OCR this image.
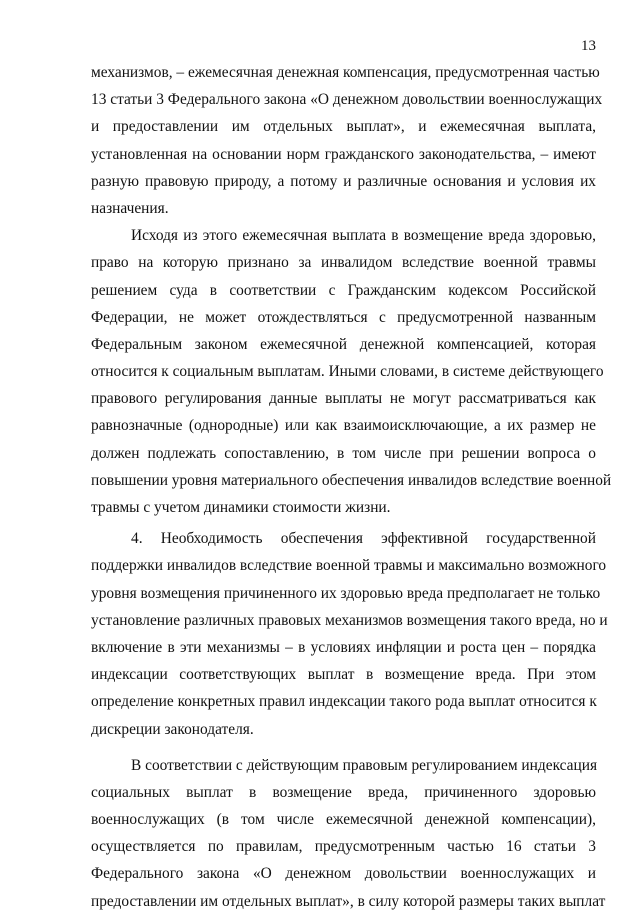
13
механизмов, – ежемесячная денежная компенсация, предусмотренная частью
13 статьи 3 Федерального закона «О денежном довольствии военнослужащих
и предоставлении им отдельных выплат», и ежемесячная выплата,
установленная на основании норм гражданского законодательства, – имеют
разную правовую природу, а потому и различные основания и условия их
назначения.
Исходя из этого ежемесячная выплата в возмещение вреда здоровью,
право на которую признано за инвалидом вследствие военной травмы
решением суда в соответствии с Гражданским кодексом Российской
Федерации, не может отождествляться с предусмотренной названным
Федеральным законом ежемесячной денежной компенсацией, которая
относится к социальным выплатам. Иными словами, в системе действующего
правового регулирования данные выплаты не могут рассматриваться как
равнозначные (однородные) или как взаимоисключающие, а их размер не
должен подлежать сопоставлению, в том числе при решении вопроса о
повышении уровня материального обеспечения инвалидов вследствие военной
травмы с учетом динамики стоимости жизни.
4. Необходимость обеспечения эффективной государственной
поддержки инвалидов вследствие военной травмы и максимально возможного
уровня возмещения причиненного их здоровью вреда предполагает не только
установление различных правовых механизмов возмещения такого вреда, но и
включение в эти механизмы – в условиях инфляции и роста цен – порядка
индексации соответствующих выплат в возмещение вреда. При этом
определение конкретных правил индексации такого рода выплат относится к
дискреции законодателя.
В соответствии с действующим правовым регулированием индексация
социальных выплат в возмещение вреда, причиненного здоровью
военнослужащих (в том числе ежемесячной денежной компенсации),
осуществляется по правилам, предусмотренным частью 16 статьи 3
Федерального закона «О денежном довольствии военнослужащих и
предоставлении им отдельных выплат», в силу которой размеры таких выплат
